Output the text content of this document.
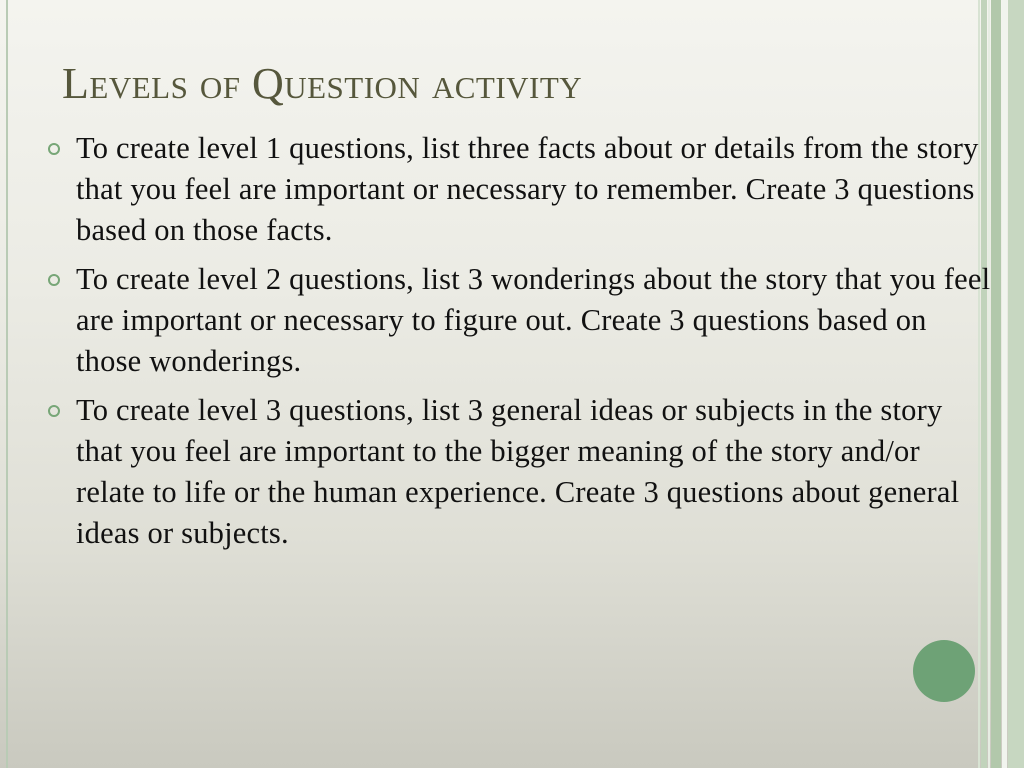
Levels of Question activity
To create level 1 questions, list three facts about or details from the story that you feel are important or necessary to remember. Create 3 questions based on those facts.
To create level 2 questions, list 3 wonderings about the story that you feel are important or necessary to figure out. Create 3 questions based on those wonderings.
To create level 3 questions, list 3 general ideas or subjects in the story that you feel are important to the bigger meaning of the story and/or relate to life or the human experience. Create 3 questions about general ideas or subjects.
